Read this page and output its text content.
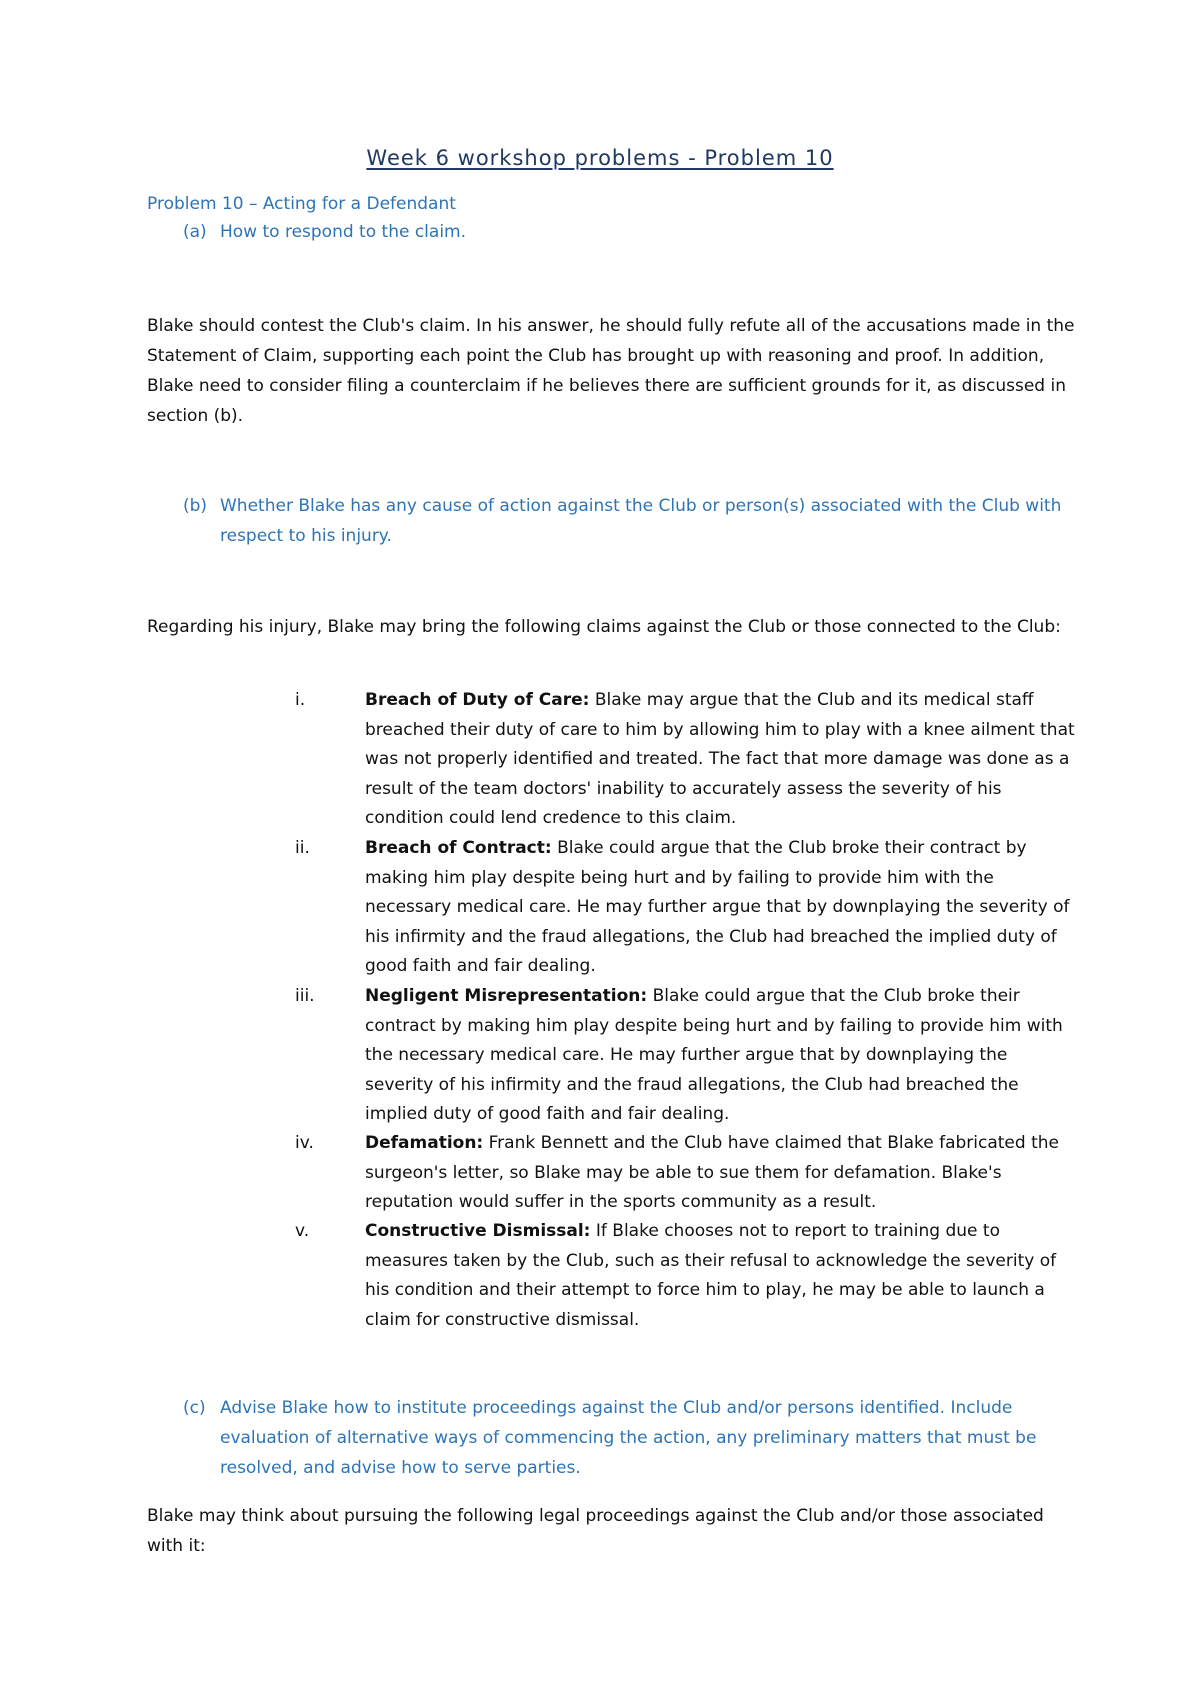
Week 6 workshop problems - Problem 10

Problem 10 – Acting for a Defendant

(a) How to respond to the claim.

Blake should contest the Club's claim. In his answer, he should fully refute all of the accusations made in the Statement of Claim, supporting each point the Club has brought up with reasoning and proof. In addition, Blake need to consider filing a counterclaim if he believes there are sufficient grounds for it, as discussed in section (b).

(b) Whether Blake has any cause of action against the Club or person(s) associated with the Club with respect to his injury.

Regarding his injury, Blake may bring the following claims against the Club or those connected to the Club:

i.	Breach of Duty of Care: Blake may argue that the Club and its medical staff breached their duty of care to him by allowing him to play with a knee ailment that was not properly identified and treated. The fact that more damage was done as a result of the team doctors' inability to accurately assess the severity of his condition could lend credence to this claim.
ii.	Breach of Contract: Blake could argue that the Club broke their contract by making him play despite being hurt and by failing to provide him with the necessary medical care. He may further argue that by downplaying the severity of his infirmity and the fraud allegations, the Club had breached the implied duty of good faith and fair dealing.
iii.	Negligent Misrepresentation: Blake could argue that the Club broke their contract by making him play despite being hurt and by failing to provide him with the necessary medical care. He may further argue that by downplaying the severity of his infirmity and the fraud allegations, the Club had breached the implied duty of good faith and fair dealing.
iv.	Defamation: Frank Bennett and the Club have claimed that Blake fabricated the surgeon's letter, so Blake may be able to sue them for defamation. Blake's reputation would suffer in the sports community as a result.
v.	Constructive Dismissal: If Blake chooses not to report to training due to measures taken by the Club, such as their refusal to acknowledge the severity of his condition and their attempt to force him to play, he may be able to launch a claim for constructive dismissal.
(c) Advise Blake how to institute proceedings against the Club and/or persons identified. Include evaluation of alternative ways of commencing the action, any preliminary matters that must be resolved, and advise how to serve parties.

Blake may think about pursuing the following legal proceedings against the Club and/or those associated with it:
